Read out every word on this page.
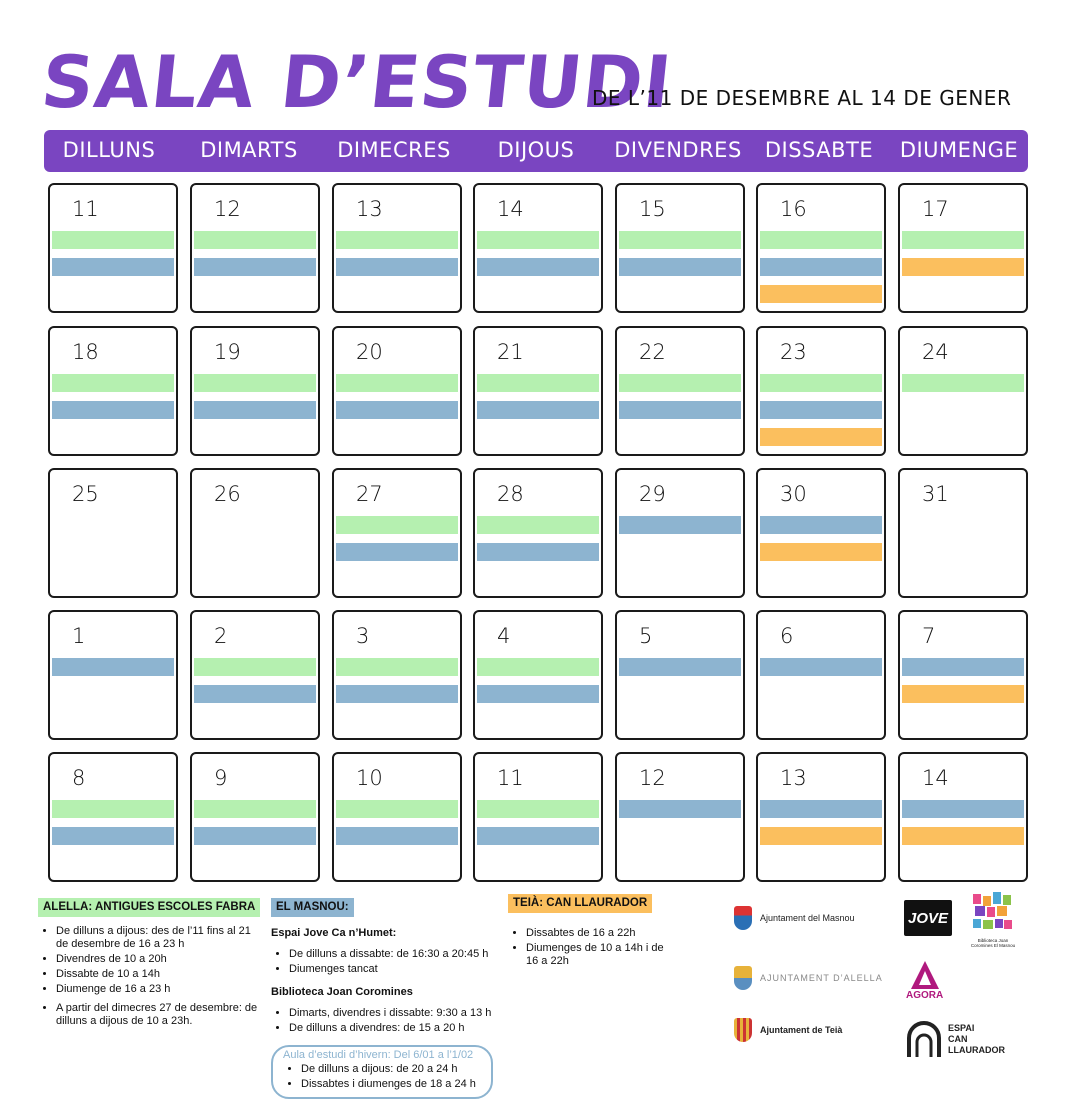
SALA D’ESTUDI
DE L’11 DE DESEMBRE AL 14 DE GENER
DILLUNS	DIMARTS	DIMECRES	DIJOUS	DIVENDRES	DISSABTE	DIUMENGE
11	12	13	14	15	16	17
18	19	20	21	22	23	24
25	26	27	28	29	30	31
1	2	3	4	5	6	7
8	9	10	11	12	13	14
ALELLA: ANTIGUES ESCOLES FABRA
• De dilluns a dijous: des de l’11 fins al 21 de desembre de 16 a 23 h
• Divendres de 10 a 20h
• Dissabte de 10 a 14h
• Diumenge de 16 a 23 h
• A partir del dimecres 27 de desembre: de dilluns a dijous de 10 a 23h.
EL MASNOU:
Espai Jove Ca n’Humet:
• De dilluns a dissabte: de 16:30 a 20:45 h
• Diumenges tancat
Biblioteca Joan Coromines
• Dimarts, divendres i dissabte: 9:30 a 13 h
• De dilluns a divendres: de 15 a 20 h
Aula d’estudi d’hivern: Del 6/01 a l’1/02
• De dilluns a dijous: de 20 a 24 h
• Dissabtes i diumenges de 18 a 24 h
TEIÀ: CAN LLAURADOR
• Dissabtes de 16 a 22h
• Diumenges de 10 a 14h i de 16 a 22h
Ajuntament del Masnou
AJUNTAMENT D’ALELLA
Ajuntament de Teià
JOVE
Biblioteca Joan Coromines El Masnou
AGORA
ESPAI
CAN
LLAURADOR
